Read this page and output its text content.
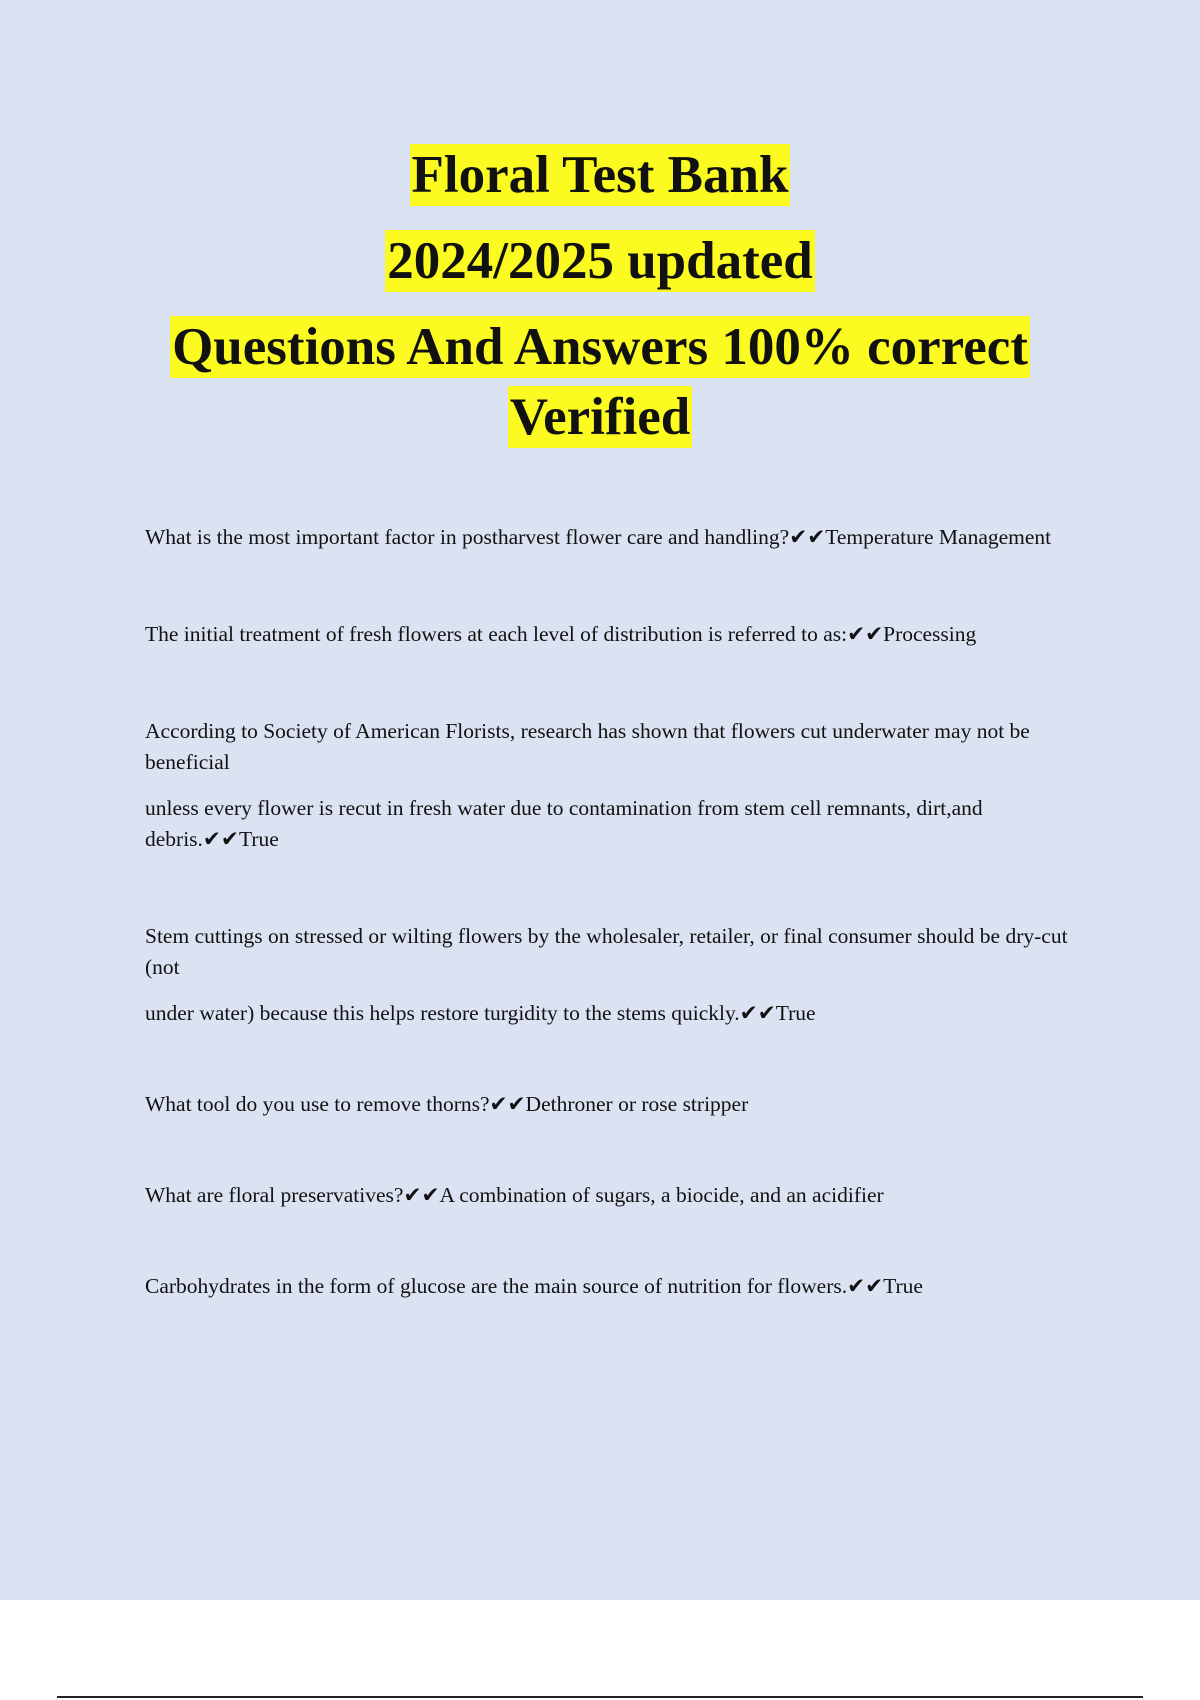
Floral Test Bank
2024/2025 updated
Questions And Answers 100% correct
Verified

What is the most important factor in postharvest flower care and handling?✔✔Temperature Management

The initial treatment of fresh flowers at each level of distribution is referred to as:✔✔Processing

According to Society of American Florists, research has shown that flowers cut underwater may not be beneficial

unless every flower is recut in fresh water due to contamination from stem cell remnants, dirt,and debris.✔✔True

Stem cuttings on stressed or wilting flowers by the wholesaler, retailer, or final consumer should be dry-cut (not

under water) because this helps restore turgidity to the stems quickly.✔✔True

What tool do you use to remove thorns?✔✔Dethroner or rose stripper

What are floral preservatives?✔✔A combination of sugars, a biocide, and an acidifier

Carbohydrates in the form of glucose are the main source of nutrition for flowers.✔✔True
